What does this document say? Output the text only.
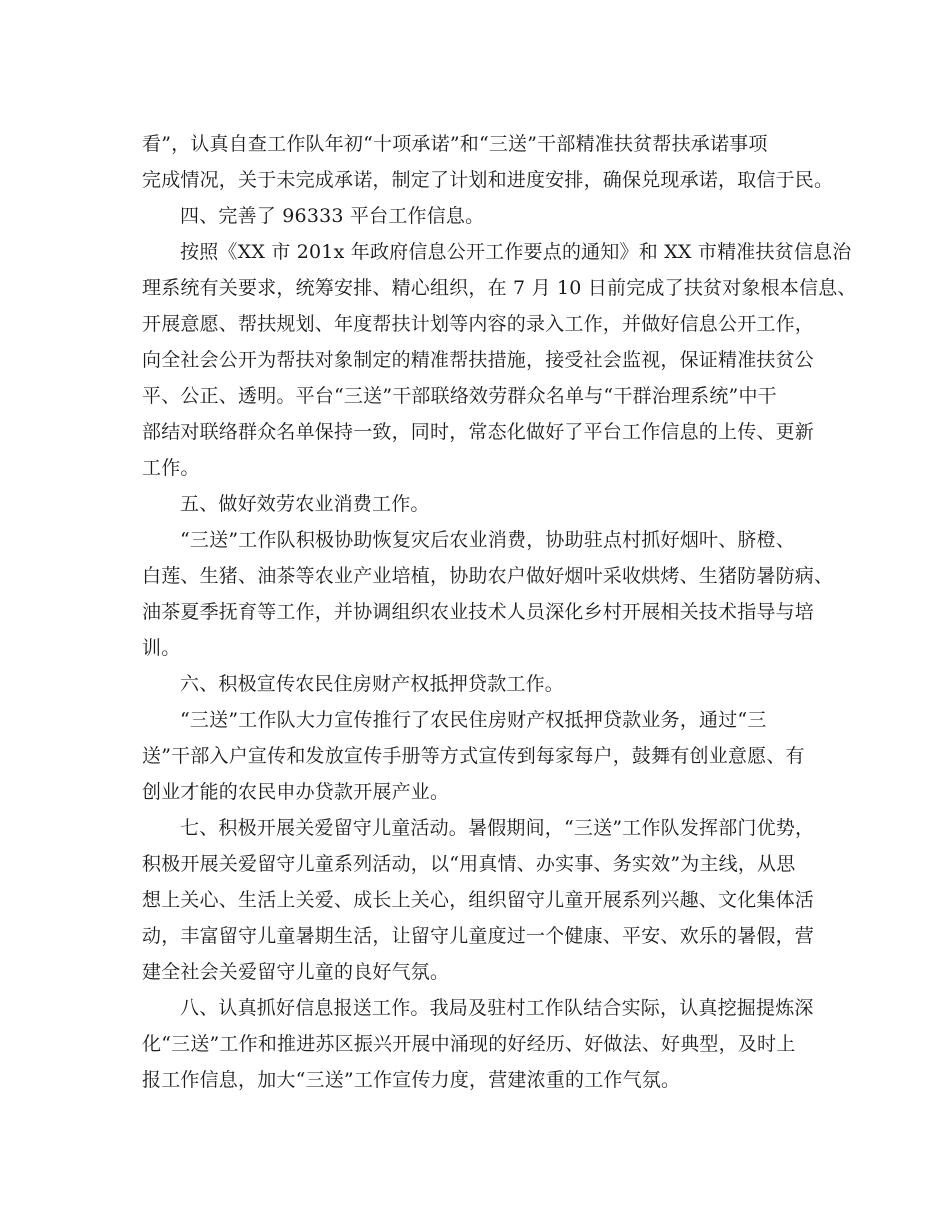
看”，认真自查工作队年初“十项承诺”和“三送”干部精准扶贫帮扶承诺事项
完成情况，关于未完成承诺，制定了计划和进度安排，确保兑现承诺，取信于民。
四、完善了 96333 平台工作信息。
按照《XX 市 201x 年政府信息公开工作要点的通知》和 XX 市精准扶贫信息治
理系统有关要求，统筹安排、精心组织，在 7 月 10 日前完成了扶贫对象根本信息、
开展意愿、帮扶规划、年度帮扶计划等内容的录入工作，并做好信息公开工作，
向全社会公开为帮扶对象制定的精准帮扶措施，接受社会监视，保证精准扶贫公
平、公正、透明。平台“三送”干部联络效劳群众名单与“干群治理系统”中干
部结对联络群众名单保持一致，同时，常态化做好了平台工作信息的上传、更新
工作。
五、做好效劳农业消费工作。
“三送”工作队积极协助恢复灾后农业消费，协助驻点村抓好烟叶、脐橙、
白莲、生猪、油茶等农业产业培植，协助农户做好烟叶采收烘烤、生猪防暑防病、
油茶夏季抚育等工作，并协调组织农业技术人员深化乡村开展相关技术指导与培
训。
六、积极宣传农民住房财产权抵押贷款工作。
“三送”工作队大力宣传推行了农民住房财产权抵押贷款业务，通过“三
送”干部入户宣传和发放宣传手册等方式宣传到每家每户，鼓舞有创业意愿、有
创业才能的农民申办贷款开展产业。
七、积极开展关爱留守儿童活动。暑假期间，“三送”工作队发挥部门优势，
积极开展关爱留守儿童系列活动，以“用真情、办实事、务实效”为主线，从思
想上关心、生活上关爱、成长上关心，组织留守儿童开展系列兴趣、文化集体活
动，丰富留守儿童暑期生活，让留守儿童度过一个健康、平安、欢乐的暑假，营
建全社会关爱留守儿童的良好气氛。
八、认真抓好信息报送工作。我局及驻村工作队结合实际，认真挖掘提炼深
化“三送”工作和推进苏区振兴开展中涌现的好经历、好做法、好典型，及时上
报工作信息，加大“三送”工作宣传力度，营建浓重的工作气氛。
